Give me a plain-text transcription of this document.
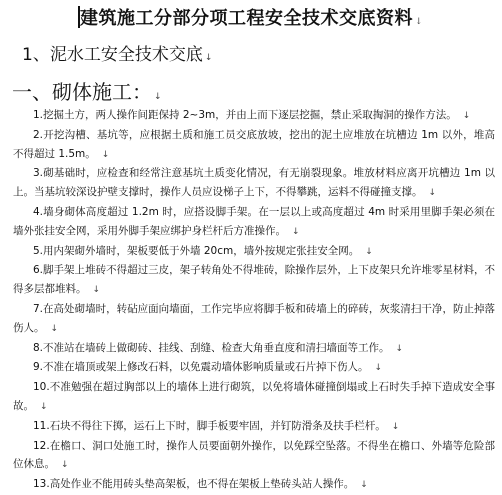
建筑施工分部分项工程安全技术交底资料 ↓
1、泥水工安全技术交底 ↓
一、砌体施工： ↓

1.挖掘土方，两人操作间距保持 2~3m，并由上而下逐层挖掘，禁止采取掏洞的操作方法。 ↓

2.开挖沟槽、基坑等，应根据土质和施工员交底放坡，挖出的泥土应堆放在坑槽边 1m 以外，堆高不得超过 1.5m。 ↓

3.砌基础时，应检查和经常注意基坑土质变化情况，有无崩裂现象。堆放材料应离开坑槽边 1m 以上。当基坑较深设护壁支撑时，操作人员应设梯子上下，不得攀跳，运料不得碰撞支撑。 ↓

4.墙身砌体高度超过 1.2m 时，应搭设脚手架。在一层以上或高度超过 4m 时采用里脚手架必须在墙外张挂安全网，采用外脚手架应绑护身栏杆后方准操作。 ↓

5.用内架砌外墙时，架板要低于外墙 20cm，墙外按规定张挂安全网。 ↓

6.脚手架上堆砖不得超过三皮，架子转角处不得堆砖，除操作层外，上下皮架只允许堆零星材料，不得多层都堆料。 ↓

7.在高处砌墙时，转砧应面向墙面，工作完毕应将脚手板和砖墙上的碎砖，灰浆清扫干净，防止掉落伤人。 ↓

8.不准站在墙砖上做砌砖、挂线、刮缝、检查大角垂直度和清扫墙面等工作。 ↓

9.不准在墙顶或架上修改石料，以免震动墙体影响质量或石片掉下伤人。 ↓

10.不准勉强在超过胸部以上的墙体上进行砌筑，以免将墙体碰撞倒塌或上石时失手掉下造成安全事故。 ↓

11.石块不得往下掷，运石上下时，脚手板要牢固，并钉防滑条及扶手栏杆。 ↓

12.在檐口、洞口处施工时，操作人员要面朝外操作，以免踩空坠落。不得坐在檐口、外墙等危险部位休息。 ↓

13.高处作业不能用砖头垫高架板，也不得在架板上垫砖头站人操作。 ↓
